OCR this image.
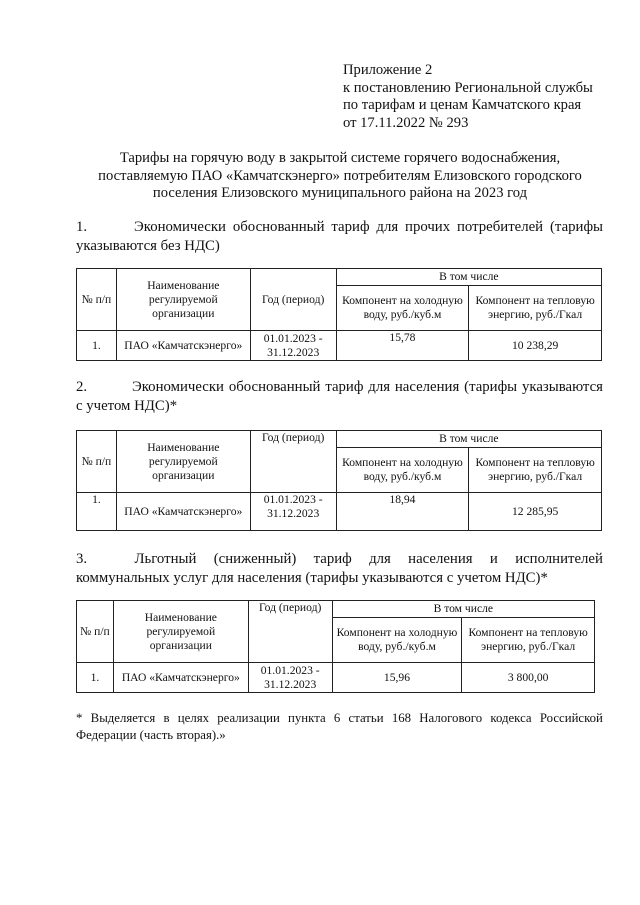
Приложение 2
к постановлению Региональной службы
по тарифам и ценам Камчатского края
от 17.11.2022 № 293
Тарифы на горячую воду в закрытой системе горячего водоснабжения,
поставляемую ПАО «Камчатскэнерго» потребителям Елизовского городского
поселения Елизовского муниципального района на 2023 год
1.	Экономически обоснованный тариф для прочих потребителей (тарифы
указываются без НДС)
№ п/п	Наименование регулируемой организации	Год (период)	В том числе	
			Компонент на холодную воду, руб./куб.м	Компонент на тепловую энергию, руб./Гкал
1.	ПАО «Камчатскэнерго»	01.01.2023 - 31.12.2023	15,78	10 238,29
2.	Экономически обоснованный тариф для населения (тарифы указываются
с учетом НДС)*
№ п/п	Наименование регулируемой организации	Год (период)	В том числе	
			Компонент на холодную воду, руб./куб.м	Компонент на тепловую энергию, руб./Гкал
1.	ПАО «Камчатскэнерго»	01.01.2023 - 31.12.2023	18,94	12 285,95
3.	Льготный (сниженный) тариф для населения и исполнителей
коммунальных услуг для населения (тарифы указываются с учетом НДС)*
№ п/п	Наименование регулируемой организации	Год (период)	В том числе	
			Компонент на холодную воду, руб./куб.м	Компонент на тепловую энергию, руб./Гкал
1.	ПАО «Камчатскэнерго»	01.01.2023 - 31.12.2023	15,96	3 800,00
* Выделяется в целях реализации пункта 6 статьи 168 Налогового кодекса Российской
Федерации (часть вторая).»
